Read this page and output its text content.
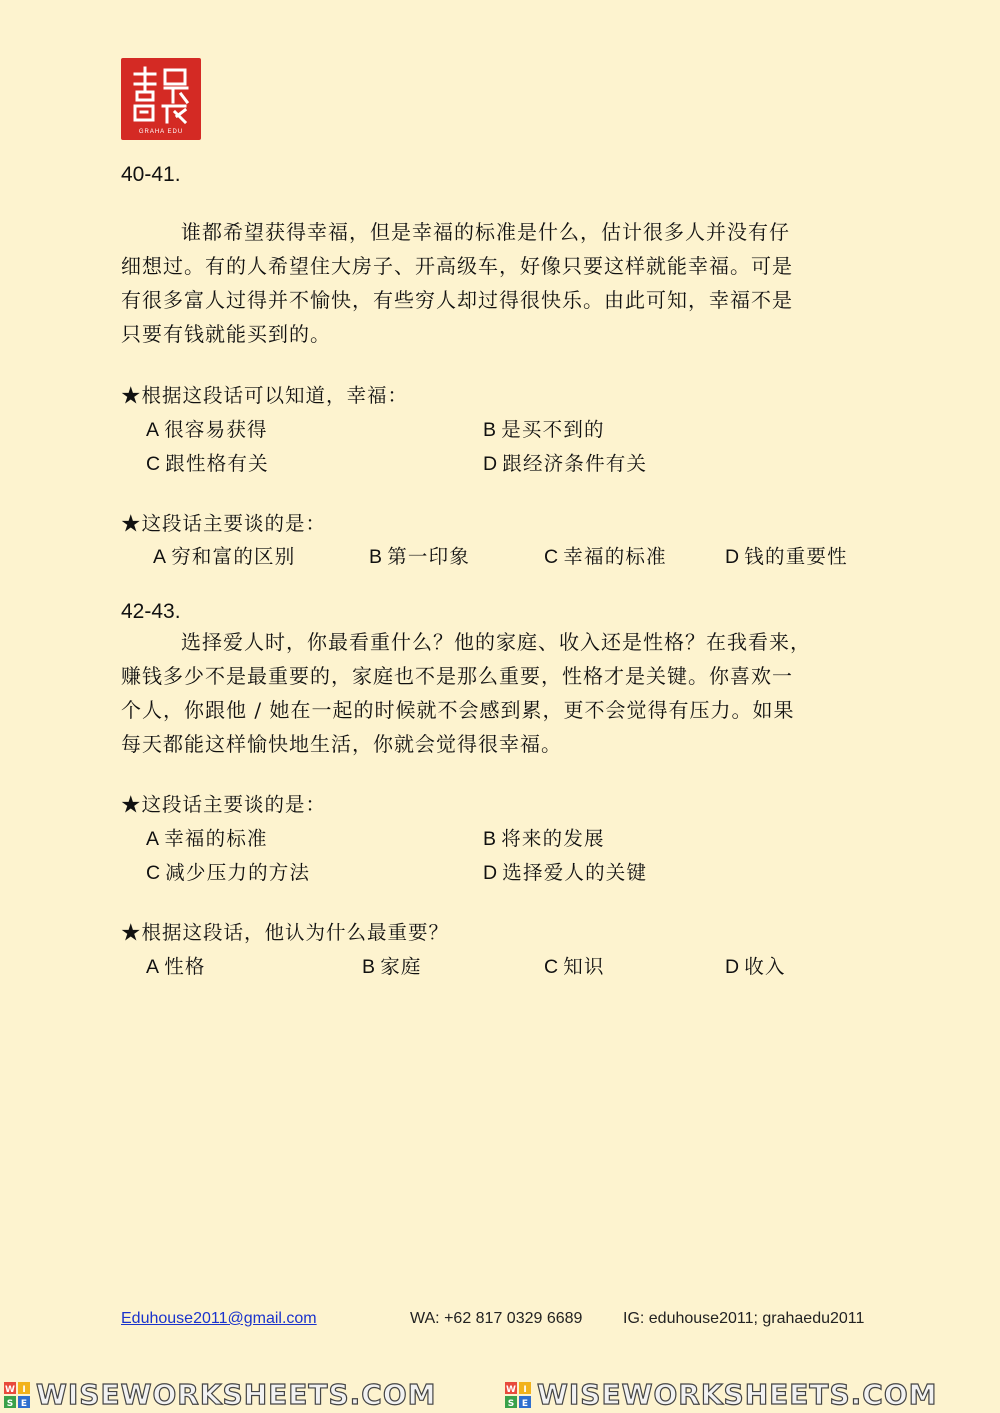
GRAHA EDU
40-41.
谁都希望获得幸福，但是幸福的标准是什么，估计很多人并没有仔
细想过。有的人希望住大房子、开高级车，好像只要这样就能幸福。可是
有很多富人过得并不愉快，有些穷人却过得很快乐。由此可知，幸福不是
只要有钱就能买到的。
★根据这段话可以知道，幸福：
A 很容易获得	B 是买不到的
C 跟性格有关	D 跟经济条件有关
★这段话主要谈的是：
A 穷和富的区别	B 第一印象	C 幸福的标准	D 钱的重要性
42-43.
选择爱人时，你最看重什么？他的家庭、收入还是性格？在我看来，
赚钱多少不是最重要的，家庭也不是那么重要，性格才是关键。你喜欢一
个人，你跟他 / 她在一起的时候就不会感到累，更不会觉得有压力。如果
每天都能这样愉快地生活，你就会觉得很幸福。
★这段话主要谈的是：
A 幸福的标准	B 将来的发展
C 减少压力的方法	D 选择爱人的关键
★根据这段话，他认为什么最重要？
A 性格	B 家庭	C 知识	D 收入
Eduhouse2011@gmail.com	WA: +62 817 0329 6689	IG: eduhouse2011; grahaedu2011
W I
S E WISEWORKSHEETS.COM	W I
S E WISEWORKSHEETS.COM
